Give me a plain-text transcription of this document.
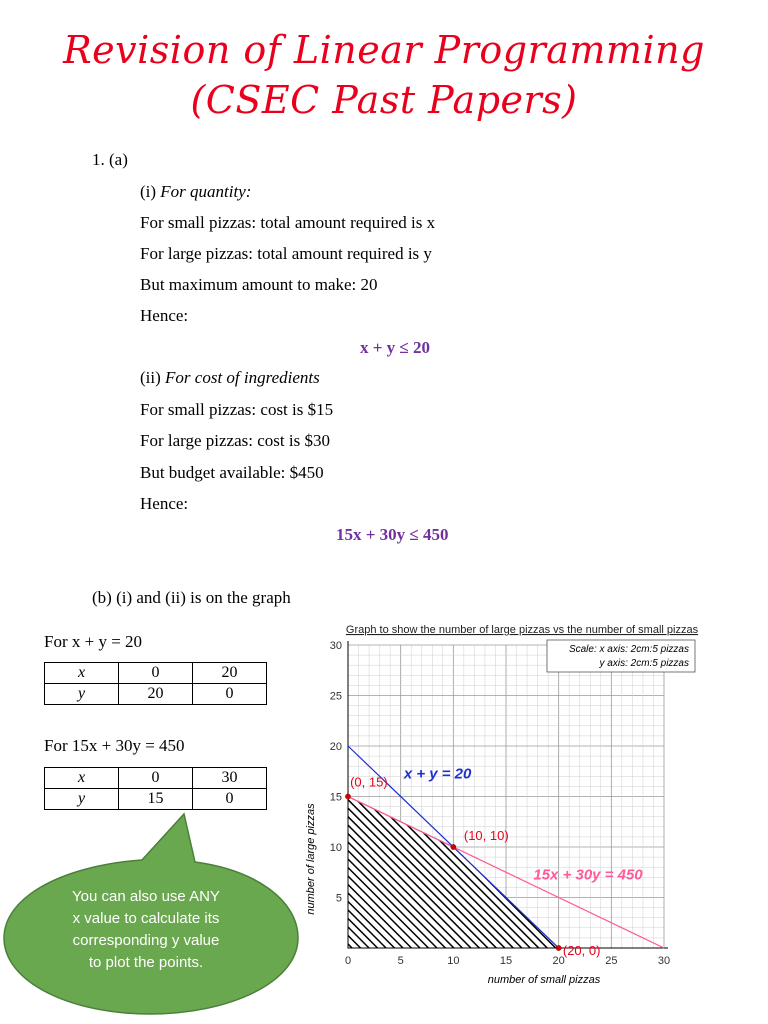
Revision of Linear Programming
(CSEC Past Papers)
1. (a)
(i) For quantity:
For small pizzas: total amount required is x
For large pizzas: total amount required is y
But maximum amount to make: 20
Hence:
x + y ≤ 20
(ii) For cost of ingredients
For small pizzas: cost is $15
For large pizzas: cost is $30
But budget available: $450
Hence:
15x + 30y ≤ 450
(b) (i) and (ii) is on the graph
For x + y = 20
x	0	20
y	20	0
For 15x + 30y = 450
x	0	30
y	15	0
You can also use ANY
x value to calculate its
corresponding y value
to plot the points.
Graph to show the number of large pizzas vs the number of small pizzas
0	5	10	15	20	25	30
5
10
15
20
25
30
x + y = 20
15x + 30y = 450
(0, 15)
(10, 10)
(20, 0)
Scale: x axis: 2cm:5 pizzas
y axis: 2cm:5 pizzas
number of small pizzas
number of large pizzas
